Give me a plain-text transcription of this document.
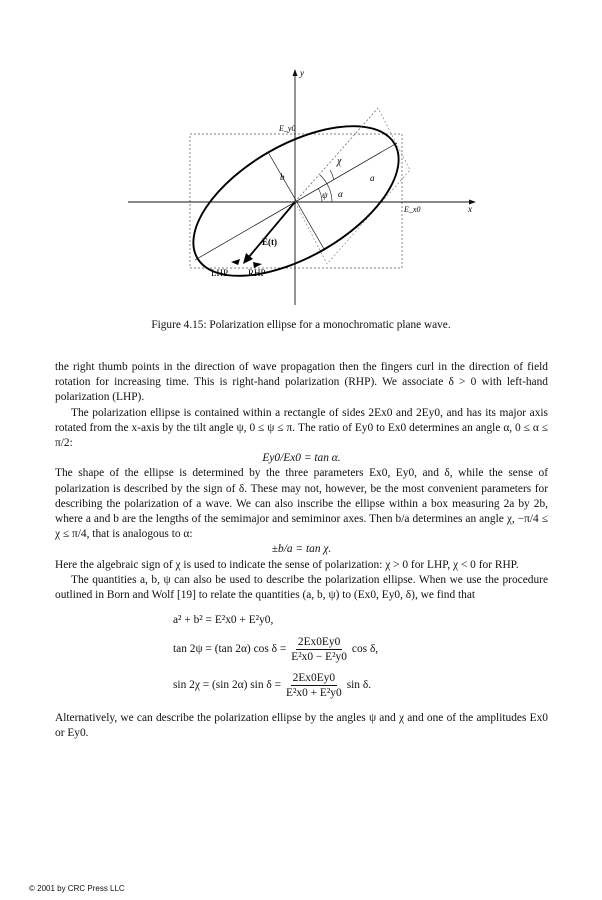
y
x
E_y0
E_x0
χ
ψ α
a
b
E(t)
LHP RHP
Figure 4.15: Polarization ellipse for a monochromatic plane wave.

the right thumb points in the direction of wave propagation then the fingers curl in the direction of field rotation for increasing time. This is right-hand polarization (RHP). We associate δ > 0 with left-hand polarization (LHP).

The polarization ellipse is contained within a rectangle of sides 2Ex0 and 2Ey0, and has its major axis rotated from the x-axis by the tilt angle ψ, 0 ≤ ψ ≤ π. The ratio of Ey0 to Ex0 determines an angle α, 0 ≤ α ≤ π/2:

Ey0/Ex0 = tan α.

The shape of the ellipse is determined by the three parameters Ex0, Ey0, and δ, while the sense of polarization is described by the sign of δ. These may not, however, be the most convenient parameters for describing the polarization of a wave. We can also inscribe the ellipse within a box measuring 2a by 2b, where a and b are the lengths of the semimajor and semiminor axes. Then b/a determines an angle χ, −π/4 ≤ χ ≤ π/4, that is analogous to α:

±b/a = tan χ.

Here the algebraic sign of χ is used to indicate the sense of polarization: χ > 0 for LHP, χ < 0 for RHP.

The quantities a, b, ψ can also be used to describe the polarization ellipse. When we use the procedure outlined in Born and Wolf [19] to relate the quantities (a, b, ψ) to (Ex0, Ey0, δ), we find that

a² + b² = E²x0 + E²y0,
tan 2ψ = (tan 2α) $\cos \delta = \frac{2Ex0Ey0}{\text{E²x0 − E²y0}}$ cos δ,
sin 2χ = (sin 2α) $\sin \delta = \frac{2Ex0Ey0}{\text{E²x0 + E²y0}}$ sin δ.

Alternatively, we can describe the polarization ellipse by the angles ψ and χ and one of the amplitudes Ex0 or Ey0.

© 2001 by CRC Press LLC
